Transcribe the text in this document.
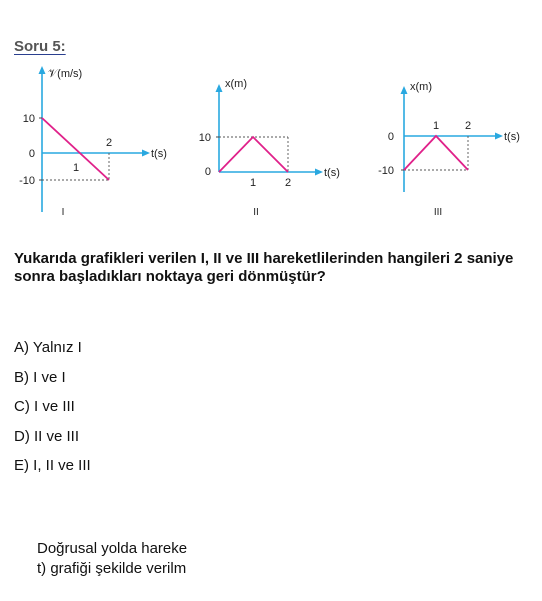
Soru 5:
𝒱(m/s)
t(s)
10
0
-10
1
2
I
x(m)
t(s)
10
0
1	2
II
x(m)
t(s)
0
-10
1 2
III
Yukarıda grafikleri verilen I, II ve III hareketlilerinden hangileri 2 saniye sonra başladıkları noktaya geri dönmüştür?
A) Yalnız I
B) I ve I
C) I ve III
D) II ve III
E) I, II ve III
Doğrusal yolda hareke
t) grafiği şekilde verilm
